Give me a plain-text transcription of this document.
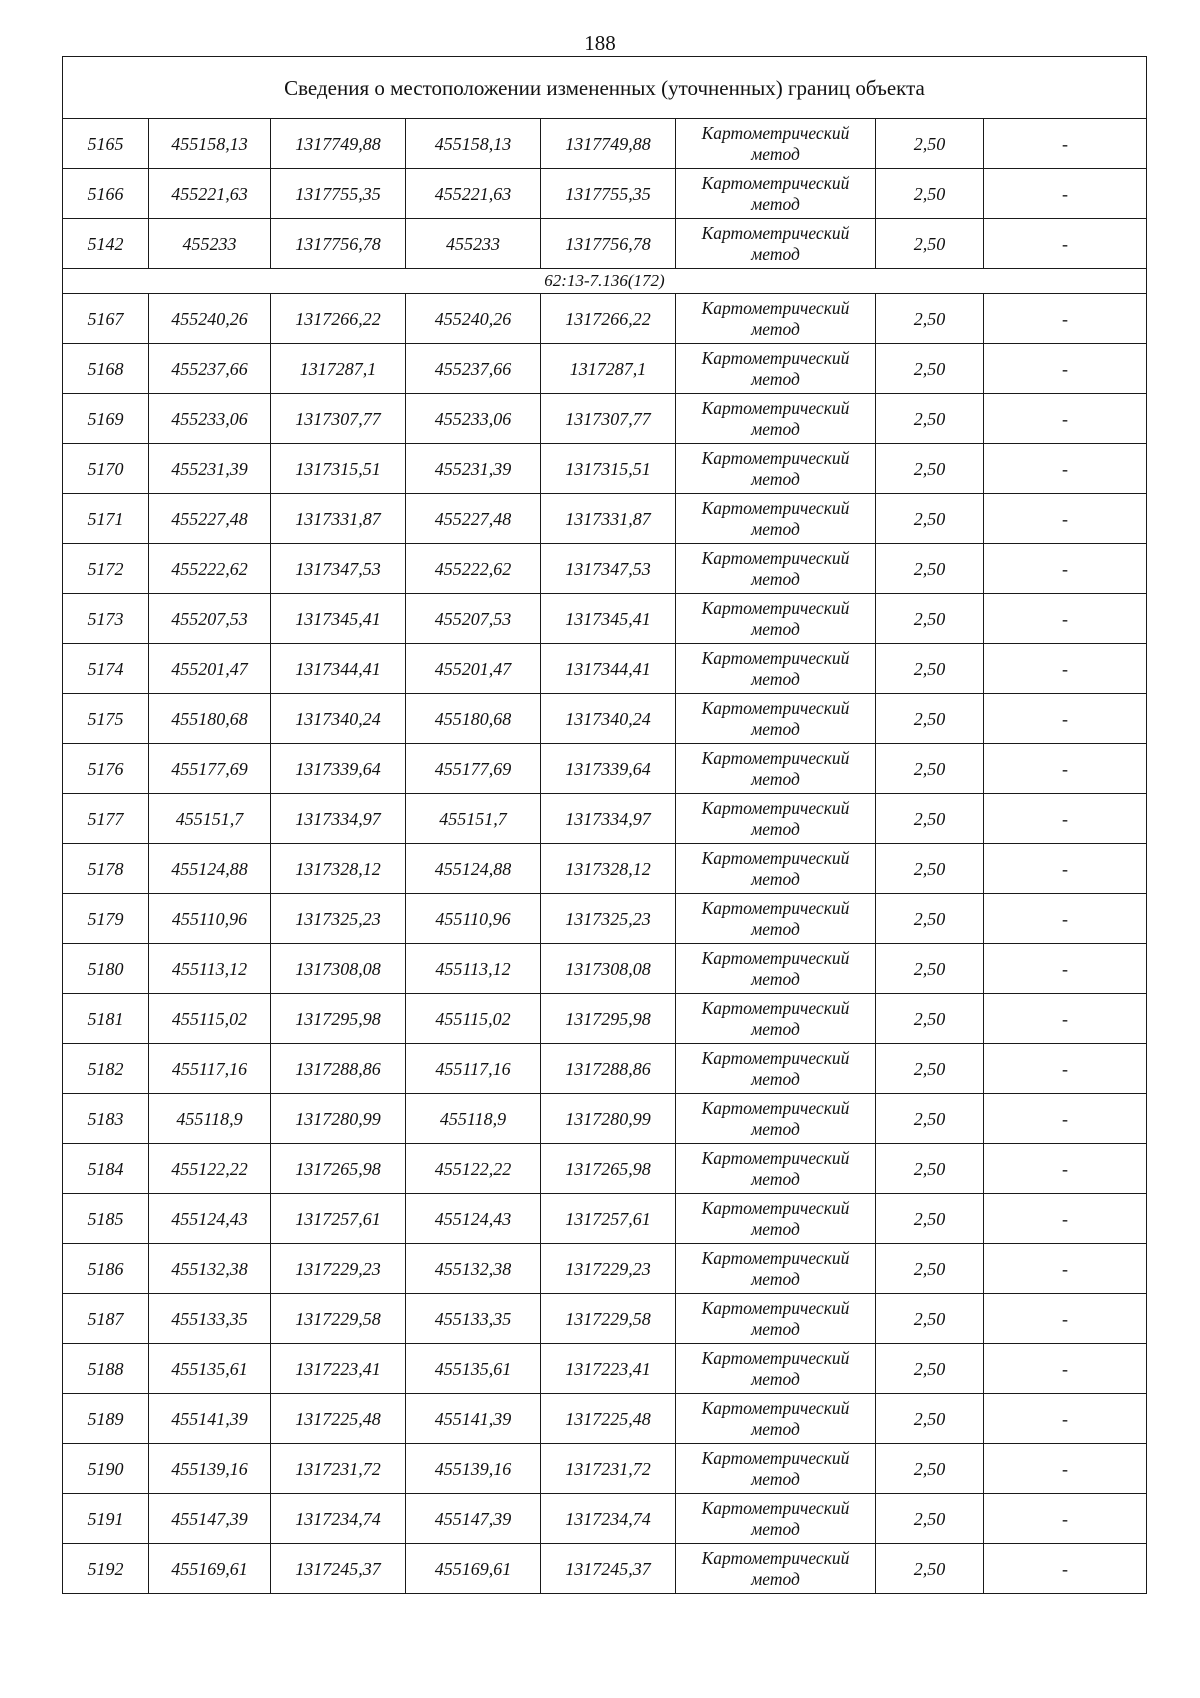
188
Сведения о местоположении измененных (уточненных) границ объекта							
5165	455158,13	1317749,88	455158,13	1317749,88	Картометрический метод	2,50	-
5166	455221,63	1317755,35	455221,63	1317755,35	Картометрический метод	2,50	-
5142	455233	1317756,78	455233	1317756,78	Картометрический метод	2,50	-
62:13-7.136(172)							
5167	455240,26	1317266,22	455240,26	1317266,22	Картометрический метод	2,50	-
5168	455237,66	1317287,1	455237,66	1317287,1	Картометрический метод	2,50	-
5169	455233,06	1317307,77	455233,06	1317307,77	Картометрический метод	2,50	-
5170	455231,39	1317315,51	455231,39	1317315,51	Картометрический метод	2,50	-
5171	455227,48	1317331,87	455227,48	1317331,87	Картометрический метод	2,50	-
5172	455222,62	1317347,53	455222,62	1317347,53	Картометрический метод	2,50	-
5173	455207,53	1317345,41	455207,53	1317345,41	Картометрический метод	2,50	-
5174	455201,47	1317344,41	455201,47	1317344,41	Картометрический метод	2,50	-
5175	455180,68	1317340,24	455180,68	1317340,24	Картометрический метод	2,50	-
5176	455177,69	1317339,64	455177,69	1317339,64	Картометрический метод	2,50	-
5177	455151,7	1317334,97	455151,7	1317334,97	Картометрический метод	2,50	-
5178	455124,88	1317328,12	455124,88	1317328,12	Картометрический метод	2,50	-
5179	455110,96	1317325,23	455110,96	1317325,23	Картометрический метод	2,50	-
5180	455113,12	1317308,08	455113,12	1317308,08	Картометрический метод	2,50	-
5181	455115,02	1317295,98	455115,02	1317295,98	Картометрический метод	2,50	-
5182	455117,16	1317288,86	455117,16	1317288,86	Картометрический метод	2,50	-
5183	455118,9	1317280,99	455118,9	1317280,99	Картометрический метод	2,50	-
5184	455122,22	1317265,98	455122,22	1317265,98	Картометрический метод	2,50	-
5185	455124,43	1317257,61	455124,43	1317257,61	Картометрический метод	2,50	-
5186	455132,38	1317229,23	455132,38	1317229,23	Картометрический метод	2,50	-
5187	455133,35	1317229,58	455133,35	1317229,58	Картометрический метод	2,50	-
5188	455135,61	1317223,41	455135,61	1317223,41	Картометрический метод	2,50	-
5189	455141,39	1317225,48	455141,39	1317225,48	Картометрический метод	2,50	-
5190	455139,16	1317231,72	455139,16	1317231,72	Картометрический метод	2,50	-
5191	455147,39	1317234,74	455147,39	1317234,74	Картометрический метод	2,50	-
5192	455169,61	1317245,37	455169,61	1317245,37	Картометрический метод	2,50	-
